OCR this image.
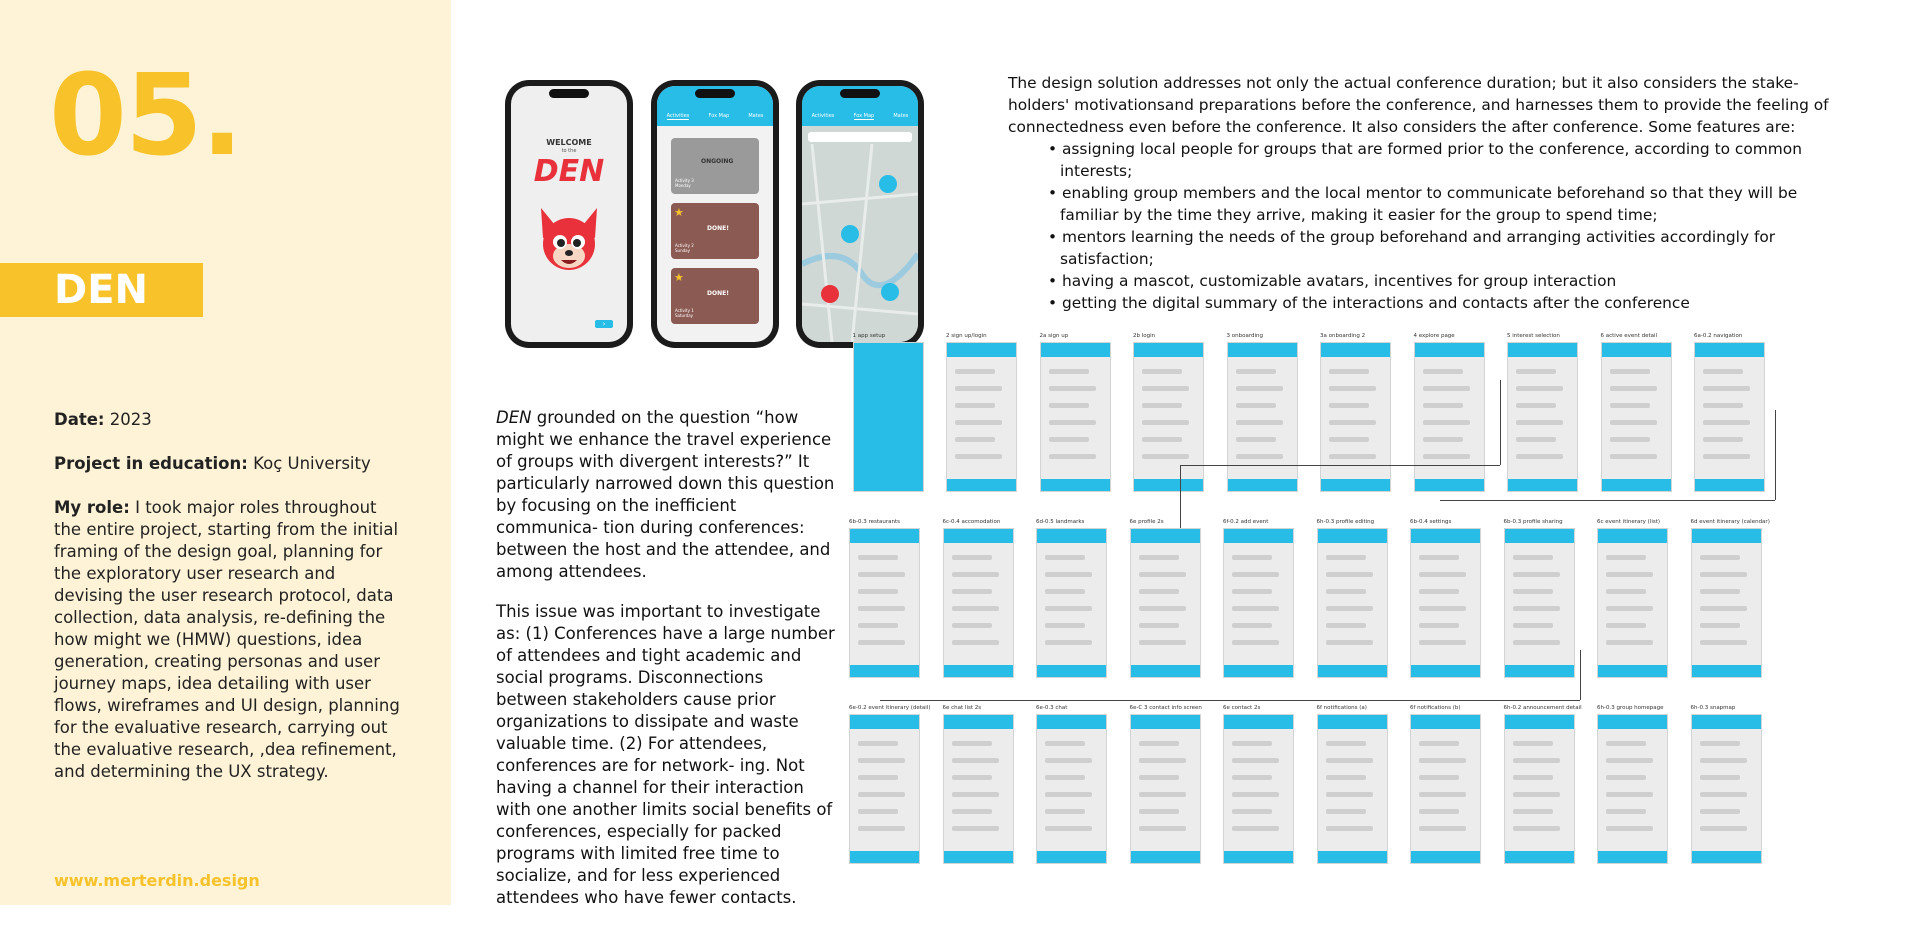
05.
DEN
Date: 2023
Project in education: Koç University
My role: I took major roles throughout the entire project, starting from the initial framing of the design goal, planning for the exploratory user research and devising the user research protocol, data collection, data analysis, re-defining the how might we (HMW) questions, idea generation, creating personas and user journey maps, idea detailing with user flows, wireframes and UI design, planning for the evaluative research, carrying out the evaluative research, ,dea refinement, and determining the UX strategy.
www.merterdin.design
WELCOME
to the
DEN
›
Activities	Fox Map	Mates
ONGOING
Activity 3 Monday
★
DONE!
Activity 2 Sunday
★
DONE!
Activity 1 Saturday
Activities	Fox Map	Mates
The design solution addresses not only the actual conference duration; but it also considers the stake- holders' motivationsand preparations before the conference, and harnesses them to provide the feeling of connectedness even before the conference. It also considers the after conference. Some features are:
• assigning local people for groups that are formed prior to the conference, according to common interests;
• enabling group members and the local mentor to communicate beforehand so that they will be familiar by the time they arrive, making it easier for the group to spend time;
• mentors learning the needs of the group beforehand and arranging activities accordingly for satisfaction;
• having a mascot, customizable avatars, incentives for group interaction
• getting the digital summary of the interactions and contacts after the conference

DEN grounded on the question “how might we enhance the travel experience of groups with divergent interests?” It particularly narrowed down this question by focusing on the inefficient communica- tion during conferences: between the host and the attendee, and among attendees.

This issue was important to investigate as: (1) Conferences have a large number of attendees and tight academic and social programs. Disconnections between stakeholders cause prior organizations to dissipate and waste valuable time. (2) For attendees, conferences are for network- ing. Not having a channel for their interaction with one another limits social benefits of conferences, especially for packed programs with limited free time to socialize, and for less experienced attendees who have fewer contacts.

1 app setup	2 sign up/login	2a sign up	2b login	3 onboarding	3a onboarding 2	4 explore page	5 interest selection	6 active event detail	6a-0.2 navigation
6b-0.3 restaurants	6c-0.4 accomodation	6d-0.5 landmarks	6e profile 2s	6f-0.2 add event	6h-0.3 profile editing	6b-0.4 settings	6b-0.3 profile sharing	6c event itinerary (list)	6d event itinerary (calendar)
6e-0.2 event itinerary (detail) 6e chat list 2s	6e-0.3 chat	6e-C 3 contact info screen	6e contact 2s	6f notifications (a)	6f notifications (b)	6h-0.2 announcement detail	6h-0.3 group homepage	6h-0.3 snapmap
